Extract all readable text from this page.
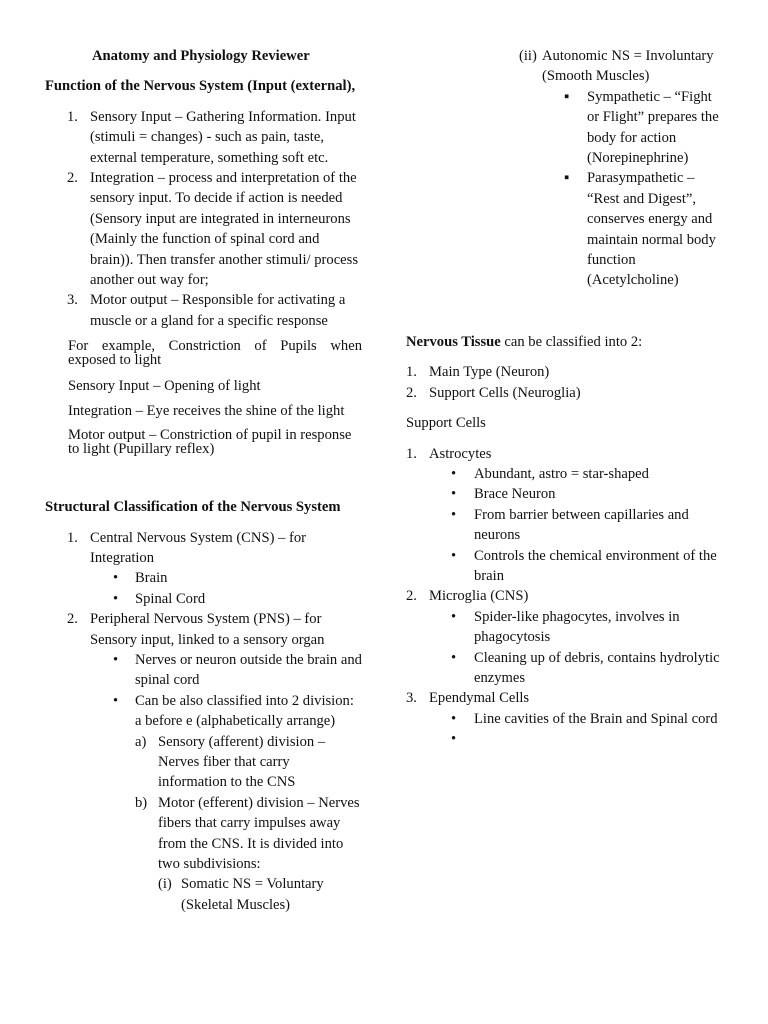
Anatomy and Physiology Reviewer

Function of the Nervous System (Input (external),

1. Sensory Input – Gathering Information. Input (stimuli = changes) - such as pain, taste, external temperature, something soft etc.
2. Integration – process and interpretation of the sensory input. To decide if action is needed (Sensory input are integrated in interneurons (Mainly the function of spinal cord and brain)). Then transfer another stimuli/ process another out way for;
3. Motor output – Responsible for activating a muscle or a gland for a specific response

For example, Constriction of Pupils when

exposed to light

Sensory Input – Opening of light

Integration – Eye receives the shine of the light

Motor output – Constriction of pupil in response

to light (Pupillary reflex)

Structural Classification of the Nervous System

1. Central Nervous System (CNS) – for Integration
•
Brain
•
Spinal Cord
2. Peripheral Nervous System (PNS) – for Sensory input, linked to a sensory organ
•
Nerves or neuron outside the brain and spinal cord
•
Can be also classified into 2 division: a before e (alphabetically arrange)
a) Sensory (afferent) division – Nerves fiber that carry information to the CNS
b) Motor (efferent) division – Nerves fibers that carry impulses away from the CNS. It is divided into two subdivisions:
(i) Somatic NS = Voluntary (Skeletal Muscles)
(ii) Autonomic NS = Involuntary (Smooth Muscles)
▪
Sympathetic – “Fight or Flight” prepares the body for action (Norepinephrine)
▪
Parasympathetic – “Rest and Digest”, conserves energy and maintain normal body function (Acetylcholine)

Nervous Tissue can be classified into 2:

1. Main Type (Neuron)
2. Support Cells (Neuroglia)

Support Cells

1. Astrocytes
•
Abundant, astro = star-shaped
•
Brace Neuron
•
From barrier between capillaries and neurons
•
Controls the chemical environment of the brain
2. Microglia (CNS)
•
Spider-like phagocytes, involves in phagocytosis
•
Cleaning up of debris, contains hydrolytic enzymes
3. Ependymal Cells
•
Line cavities of the Brain and Spinal cord
•
